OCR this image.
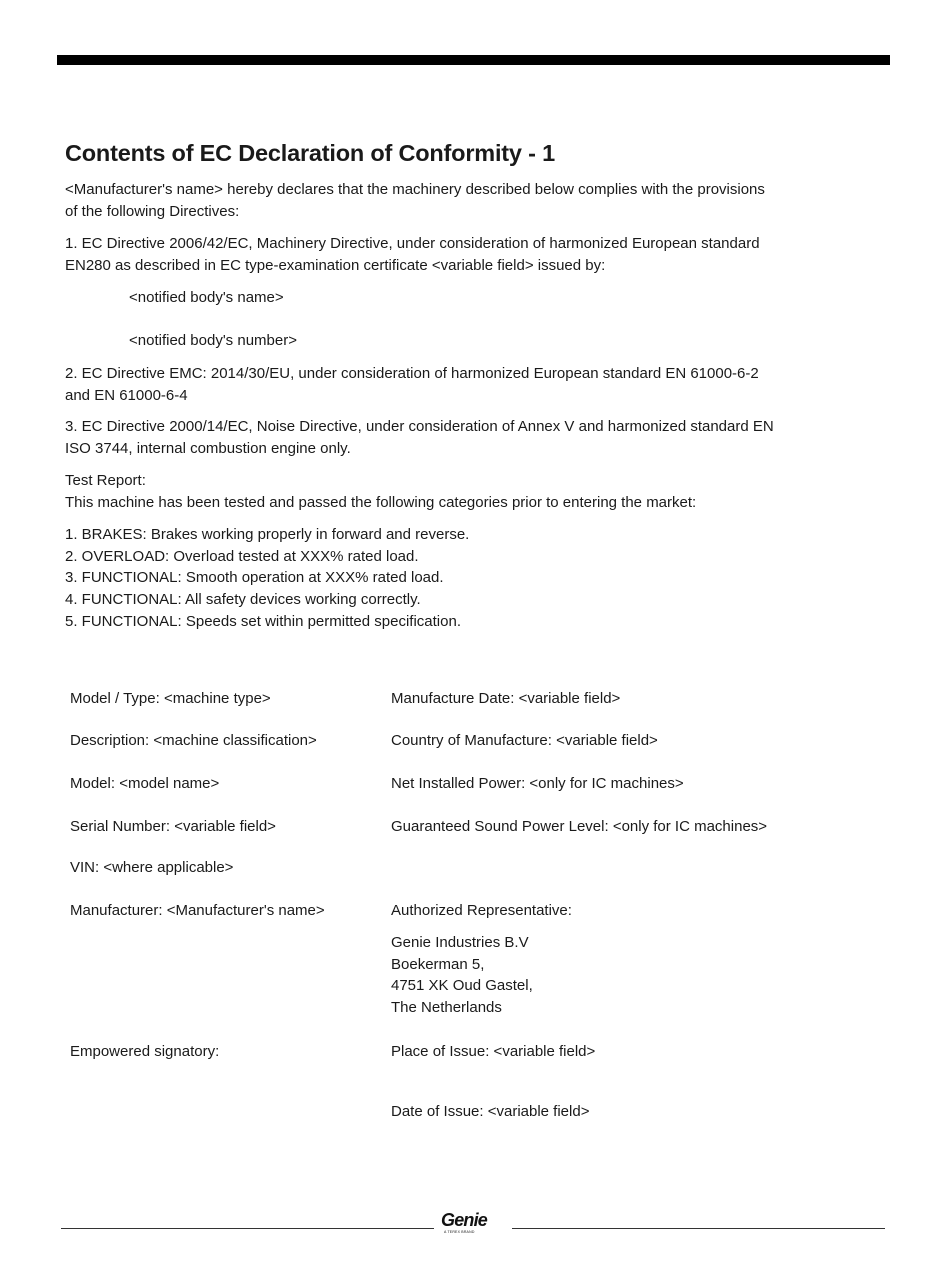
Contents of EC Declaration of Conformity - 1
<Manufacturer's name> hereby declares that the machinery described below complies with the provisions
of the following Directives:
1. EC Directive 2006/42/EC, Machinery Directive, under consideration of harmonized European standard
EN280 as described in EC type-examination certificate <variable field> issued by:
<notified body's name>
<notified body's number>
2. EC Directive EMC: 2014/30/EU, under consideration of harmonized European standard EN 61000-6-2
and EN 61000-6-4
3. EC Directive 2000/14/EC, Noise Directive, under consideration of Annex V and harmonized standard EN
ISO 3744, internal combustion engine only.
Test Report:
This machine has been tested and passed the following categories prior to entering the market:
1. BRAKES: Brakes working properly in forward and reverse.
2. OVERLOAD: Overload tested at XXX% rated load.
3. FUNCTIONAL: Smooth operation at XXX% rated load.
4. FUNCTIONAL: All safety devices working correctly.
5. FUNCTIONAL: Speeds set within permitted specification.
Model / Type: <machine type>	Manufacture Date: <variable field>
Description: <machine classification>	Country of Manufacture: <variable field>
Model: <model name>	Net Installed Power: <only for IC machines>
Serial Number: <variable field>	Guaranteed Sound Power Level: <only for IC machines>
VIN: <where applicable>
Manufacturer: <Manufacturer's name>	Authorized Representative:
Genie Industries B.V
Boekerman 5,
4751 XK Oud Gastel,
The Netherlands
Empowered signatory:	Place of Issue: <variable field>
Date of Issue: <variable field>
Genie
A TEREX BRAND
